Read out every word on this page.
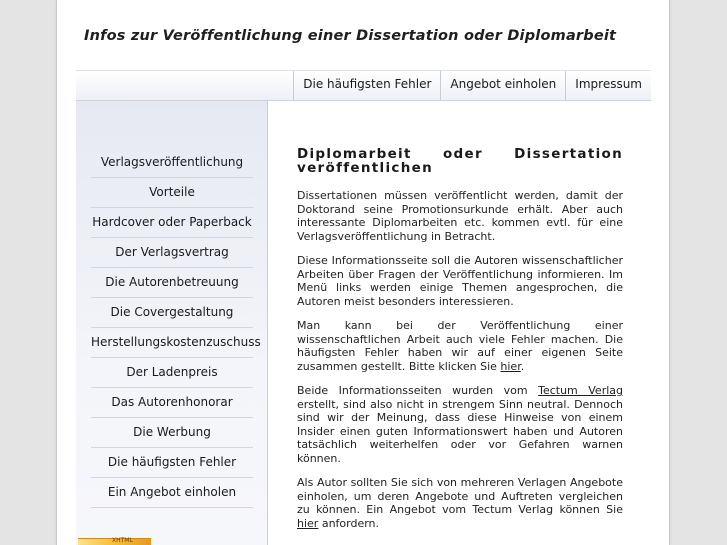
Infos zur Veröffentlichung einer Dissertation oder Diplomarbeit
Die häufigsten Fehler	Angebot einholen	Impressum
Verlagsveröffentlichung
Vorteile
Hardcover oder Paperback
Der Verlagsvertrag
Die Autorenbetreuung
Die Covergestaltung
Herstellungskostenzuschuss
Der Ladenpreis
Das Autorenhonorar
Die Werbung
Die häufigsten Fehler
Ein Angebot einholen
XHTML
Diplomarbeit oder Dissertation veröffentlichen

Dissertationen müssen veröffentlicht werden, damit der Doktorand seine Promotionsurkunde erhält. Aber auch interessante Diplomarbeiten etc. kommen evtl. für eine Verlagsveröffentlichung in Betracht.

Diese Informationsseite soll die Autoren wissenschaftlicher Arbeiten über Fragen der Veröffentlichung informieren. Im Menü links werden einige Themen angesprochen, die Autoren meist besonders interessieren.

Man kann bei der Veröffentlichung einer wissenschaftlichen Arbeit auch viele Fehler machen. Die häufigsten Fehler haben wir auf einer eigenen Seite zusammen gestellt. Bitte klicken Sie hier.

Beide Informationsseiten wurden vom Tectum Verlag erstellt, sind also nicht in strengem Sinn neutral. Dennoch sind wir der Meinung, dass diese Hinweise von einem Insider einen guten Informationswert haben und Autoren tatsächlich weiterhelfen oder vor Gefahren warnen können.

Als Autor sollten Sie sich von mehreren Verlagen Angebote einholen, um deren Angebote und Auftreten vergleichen zu können. Ein Angebot vom Tectum Verlag können Sie hier anfordern.
